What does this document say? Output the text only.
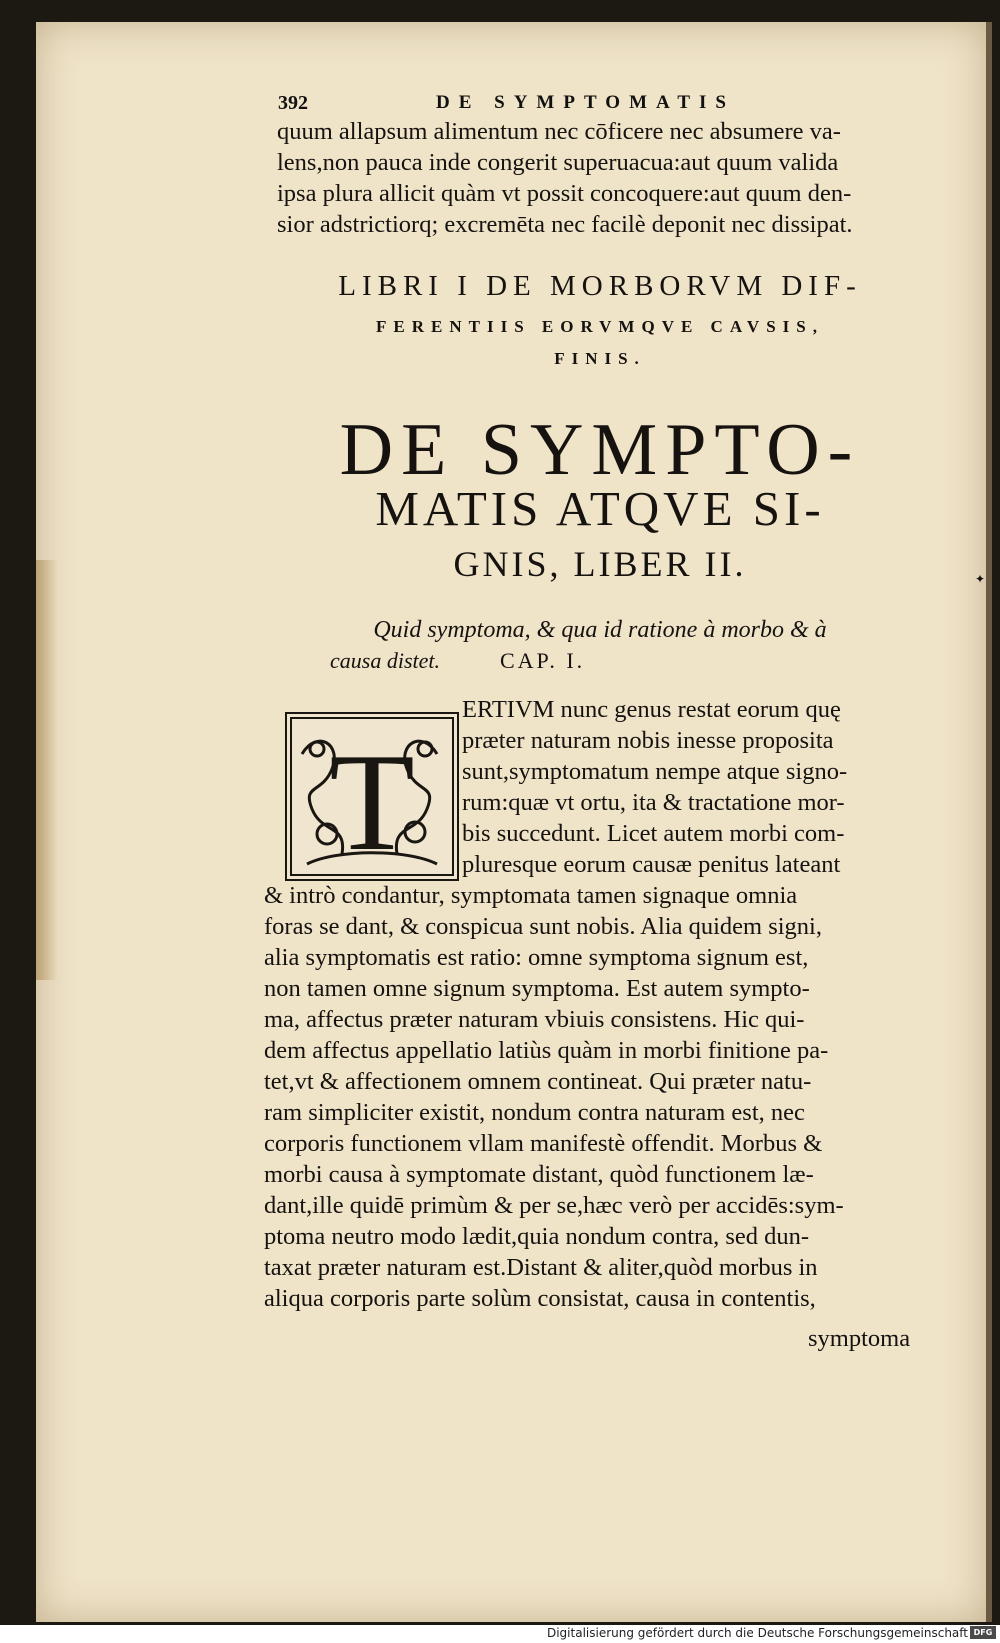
✦
392	DE SYMPTOMATIS
quum allapsum alimentum nec cōficere nec absumere va-
lens,non pauca inde congerit superuacua:aut quum valida
ipsa plura allicit quàm vt possit concoquere:aut quum den-
sior adstrictiorq; excremēta nec facilè deponit nec dissipat.
LIBRI I DE MORBORVM DIF-
FERENTIIS EORVMQVE CAVSIS,
FINIS.
DE SYMPTO-
MATIS ATQVE SI-
GNIS, LIBER II.
Quid symptoma, & qua id ratione à morbo & à
causa distet.	CAP. I.
T
ERTIVM nunc genus restat eorum quę
præter naturam nobis inesse proposita
sunt,symptomatum nempe atque signo-
rum:quæ vt ortu, ita & tractatione mor-
bis succedunt. Licet autem morbi com-
pluresque eorum causæ penitus lateant
& intrò condantur, symptomata tamen signaque omnia
foras se dant, & conspicua sunt nobis. Alia quidem signi,
alia symptomatis est ratio: omne symptoma signum est,
non tamen omne signum symptoma. Est autem sympto-
ma, affectus præter naturam vbiuis consistens. Hic qui-
dem affectus appellatio latiùs quàm in morbi finitione pa-
tet,vt & affectionem omnem contineat. Qui præter natu-
ram simpliciter existit, nondum contra naturam est, nec
corporis functionem vllam manifestè offendit. Morbus &
morbi causa à symptomate distant, quòd functionem læ-
dant,ille quidē primùm & per se,hæc verò per accidēs:sym-
ptoma neutro modo lædit,quia nondum contra, sed dun-
taxat præter naturam est.Distant & aliter,quòd morbus in
aliqua corporis parte solùm consistat, causa in contentis,
symptoma
Digitalisierung gefördert durch die Deutsche Forschungsgemeinschaft DFG
